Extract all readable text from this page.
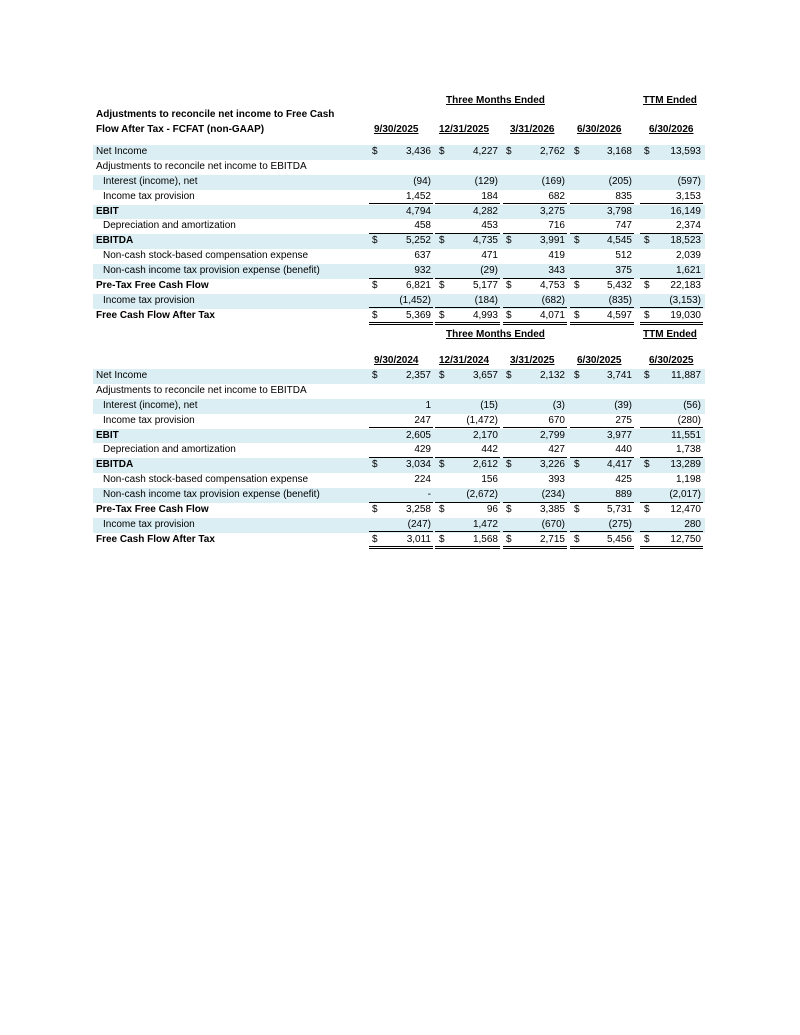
Three Months Ended	TTM Ended
Adjustments to reconcile net income to Free Cash
Flow After Tax - FCFAT (non-GAAP)	9/30/2025 12/31/2025 3/31/2026 6/30/2026	6/30/2026
Net Income	$	3,436 $	4,227 $	2,762 $	3,168 $	13,593
Adjustments to reconcile net income to EBITDA
Interest (income), net	(94)	(129)	(169)	(205)	(597)
Income tax provision	1,452	184	682	835	3,153
EBIT	4,794	4,282	3,275	3,798	16,149
Depreciation and amortization	458	453	716	747	2,374
EBITDA	$	5,252 $	4,735 $	3,991 $	4,545 $	18,523
Non-cash stock-based compensation expense	637	471	419	512	2,039
Non-cash income tax provision expense (benefit)	932	(29)	343	375	1,621
Pre-Tax Free Cash Flow	$	6,821 $	5,177 $	4,753 $	5,432 $	22,183
Income tax provision	(1,452)	(184)	(682)	(835)	(3,153)
Free Cash Flow After Tax	$	5,369 $	4,993 $	4,071 $	4,597 $	19,030
Three Months Ended	TTM Ended
9/30/2024 12/31/2024 3/31/2025 6/30/2025	6/30/2025
Net Income	$	2,357 $	3,657 $	2,132 $	3,741 $	11,887
Adjustments to reconcile net income to EBITDA
Interest (income), net	1	(15)	(3)	(39)	(56)
Income tax provision	247	(1,472)	670	275	(280)
EBIT	2,605	2,170	2,799	3,977	11,551
Depreciation and amortization	429	442	427	440	1,738
EBITDA	$	3,034 $	2,612 $	3,226 $	4,417 $	13,289
Non-cash stock-based compensation expense	224	156	393	425	1,198
Non-cash income tax provision expense (benefit)	-	(2,672)	(234)	889	(2,017)
Pre-Tax Free Cash Flow	$	3,258 $	96 $	3,385 $	5,731 $	12,470
Income tax provision	(247)	1,472	(670)	(275)	280
Free Cash Flow After Tax	$	3,011 $	1,568 $	2,715 $	5,456 $	12,750
